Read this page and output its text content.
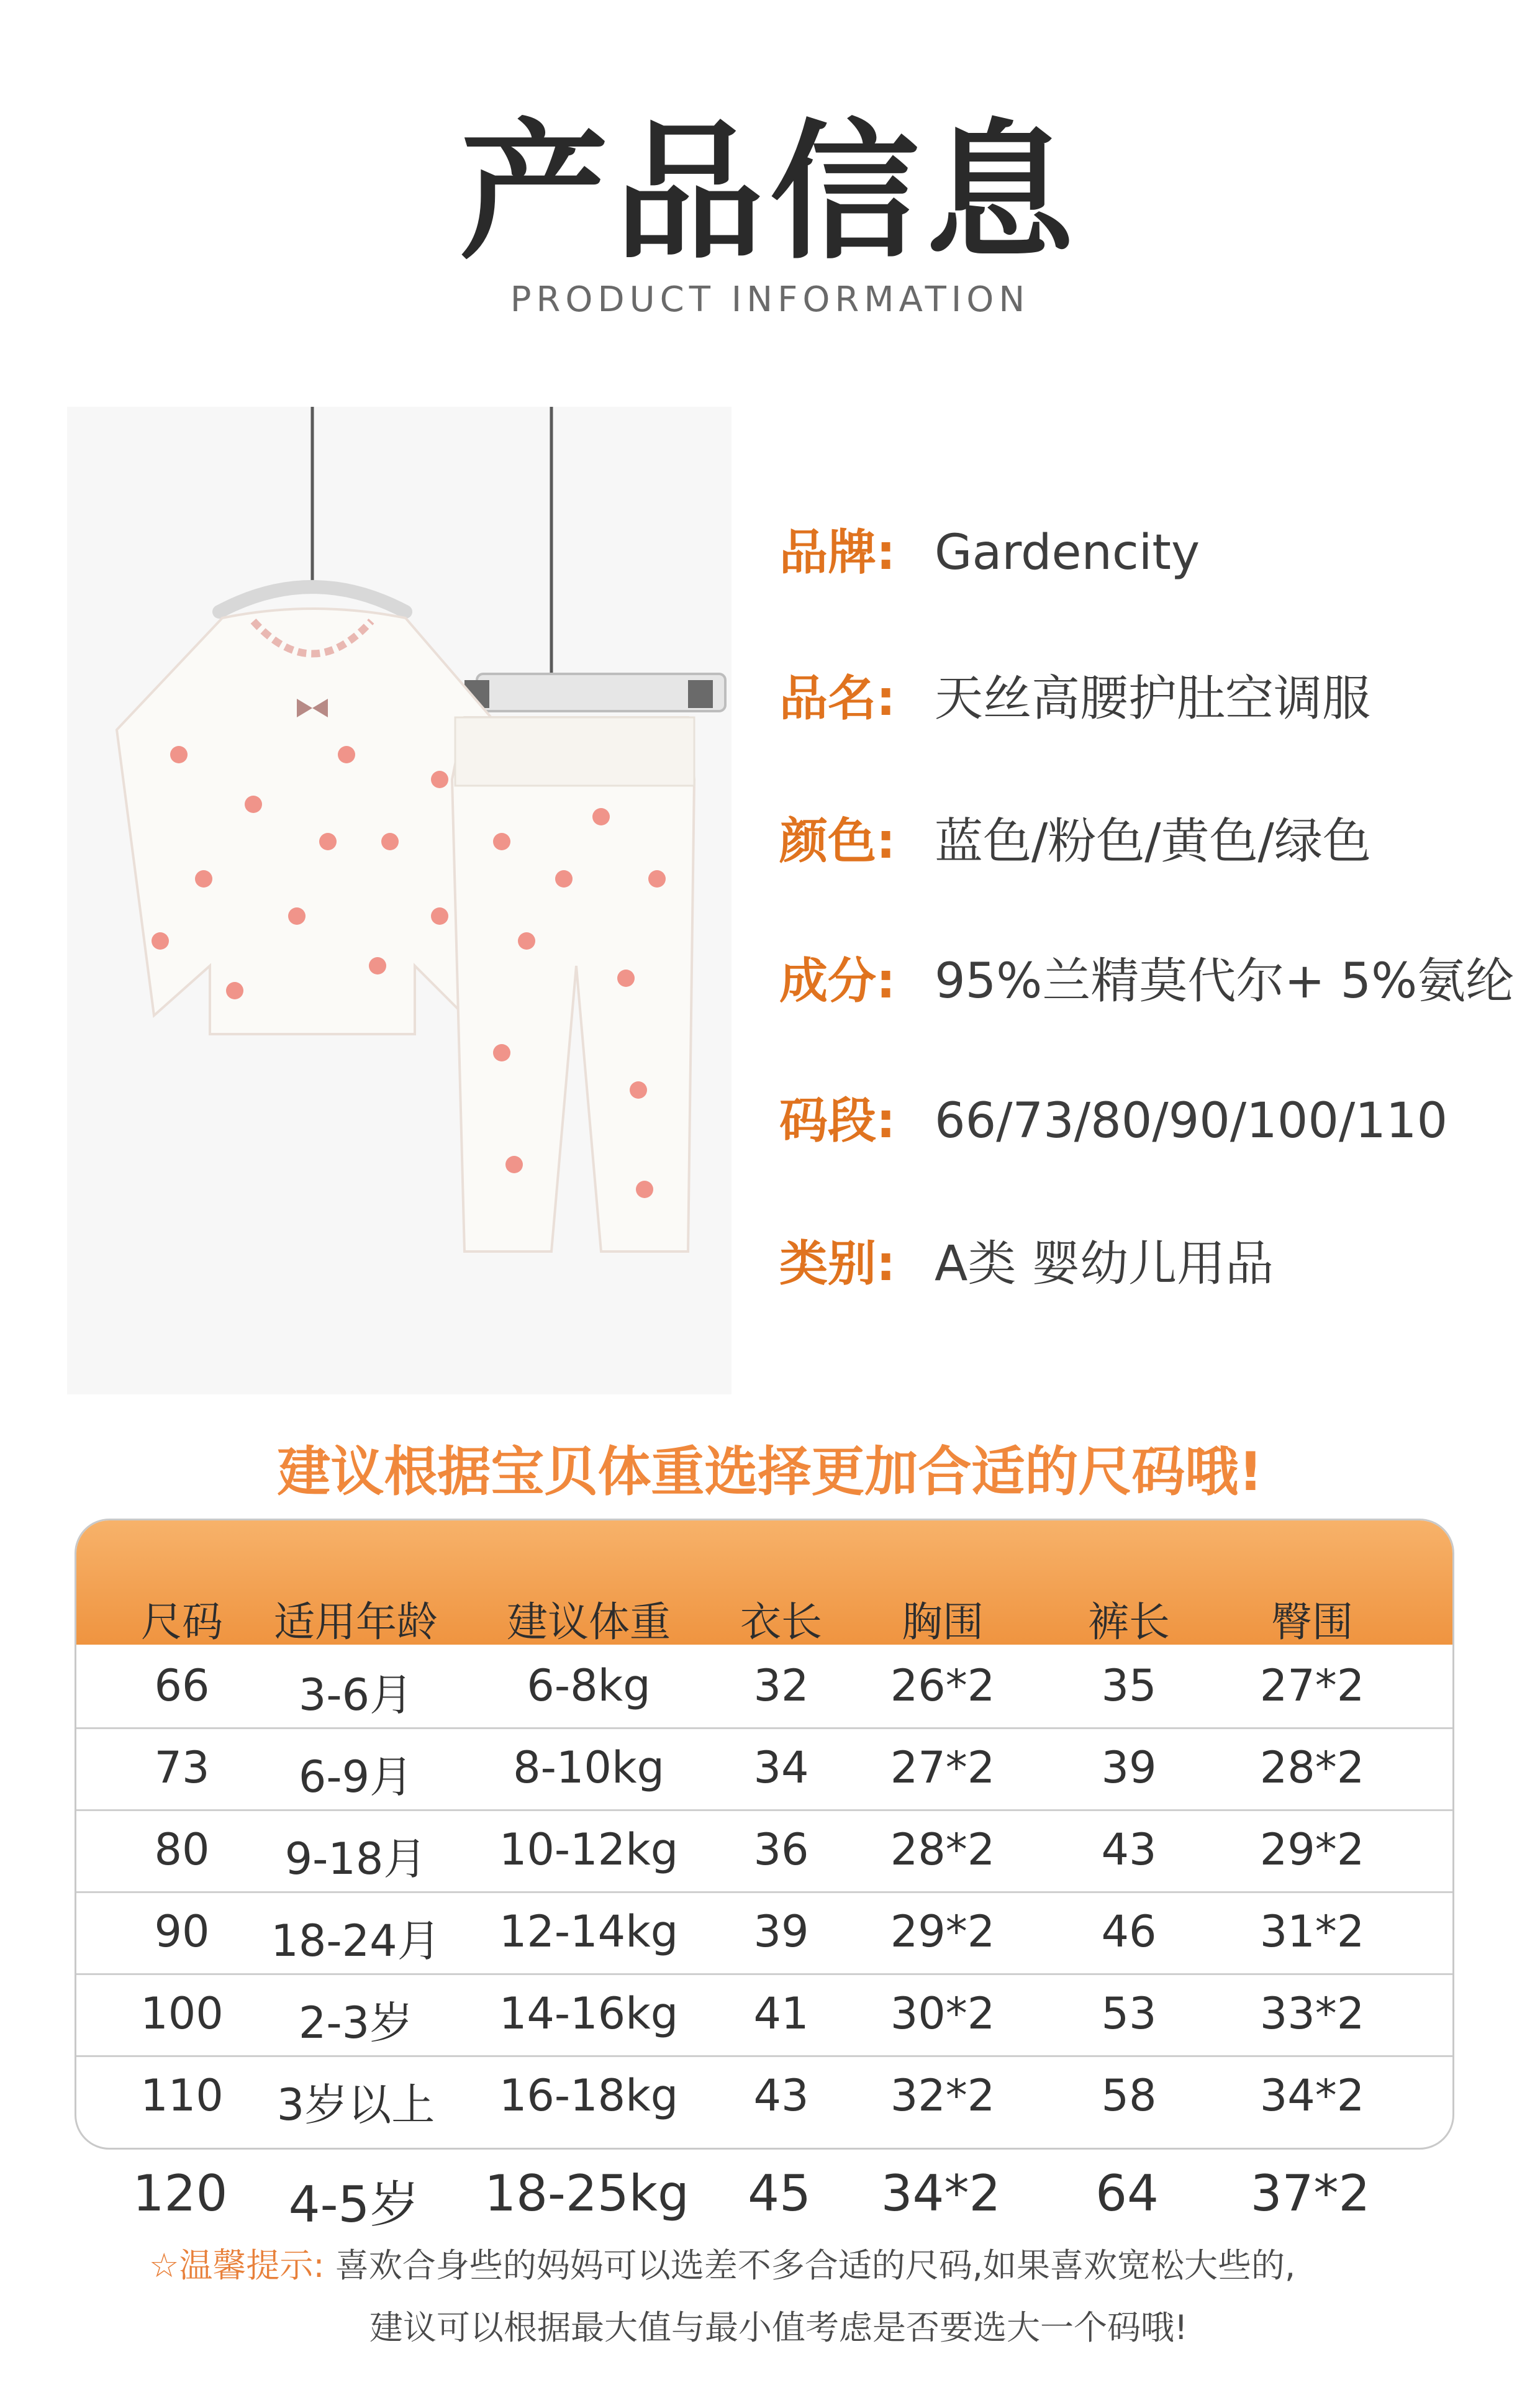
产品信息
PRODUCT INFORMATION
品牌: Gardencity
品名: 天丝高腰护肚空调服
颜色: 蓝色/粉色/黄色/绿色
成分: 95%兰精莫代尔+ 5%氨纶
码段: 66/73/80/90/100/110
类别: A类 婴幼儿用品
建议根据宝贝体重选择更加合适的尺码哦!
尺码 适用年龄 建议体重 衣长 胸围	裤长 臀围
66 3-6月	6-8kg 32 26*2 35 27*2
73 6-9月 8-10kg 34 27*2 39 28*2
80 9-18月 10-12kg 36 28*2 43 29*2
90 18-24月 12-14kg 39 29*2 46 31*2
100 2-3岁 14-16kg 41 30*2 53 33*2
110 3岁以上 16-18kg 43 32*2 58 34*2
120 4-5岁 18-25kg 45 34*2 64 37*2
☆温馨提示: 喜欢合身些的妈妈可以选差不多合适的尺码,如果喜欢宽松大些的,
建议可以根据最大值与最小值考虑是否要选大一个码哦!
